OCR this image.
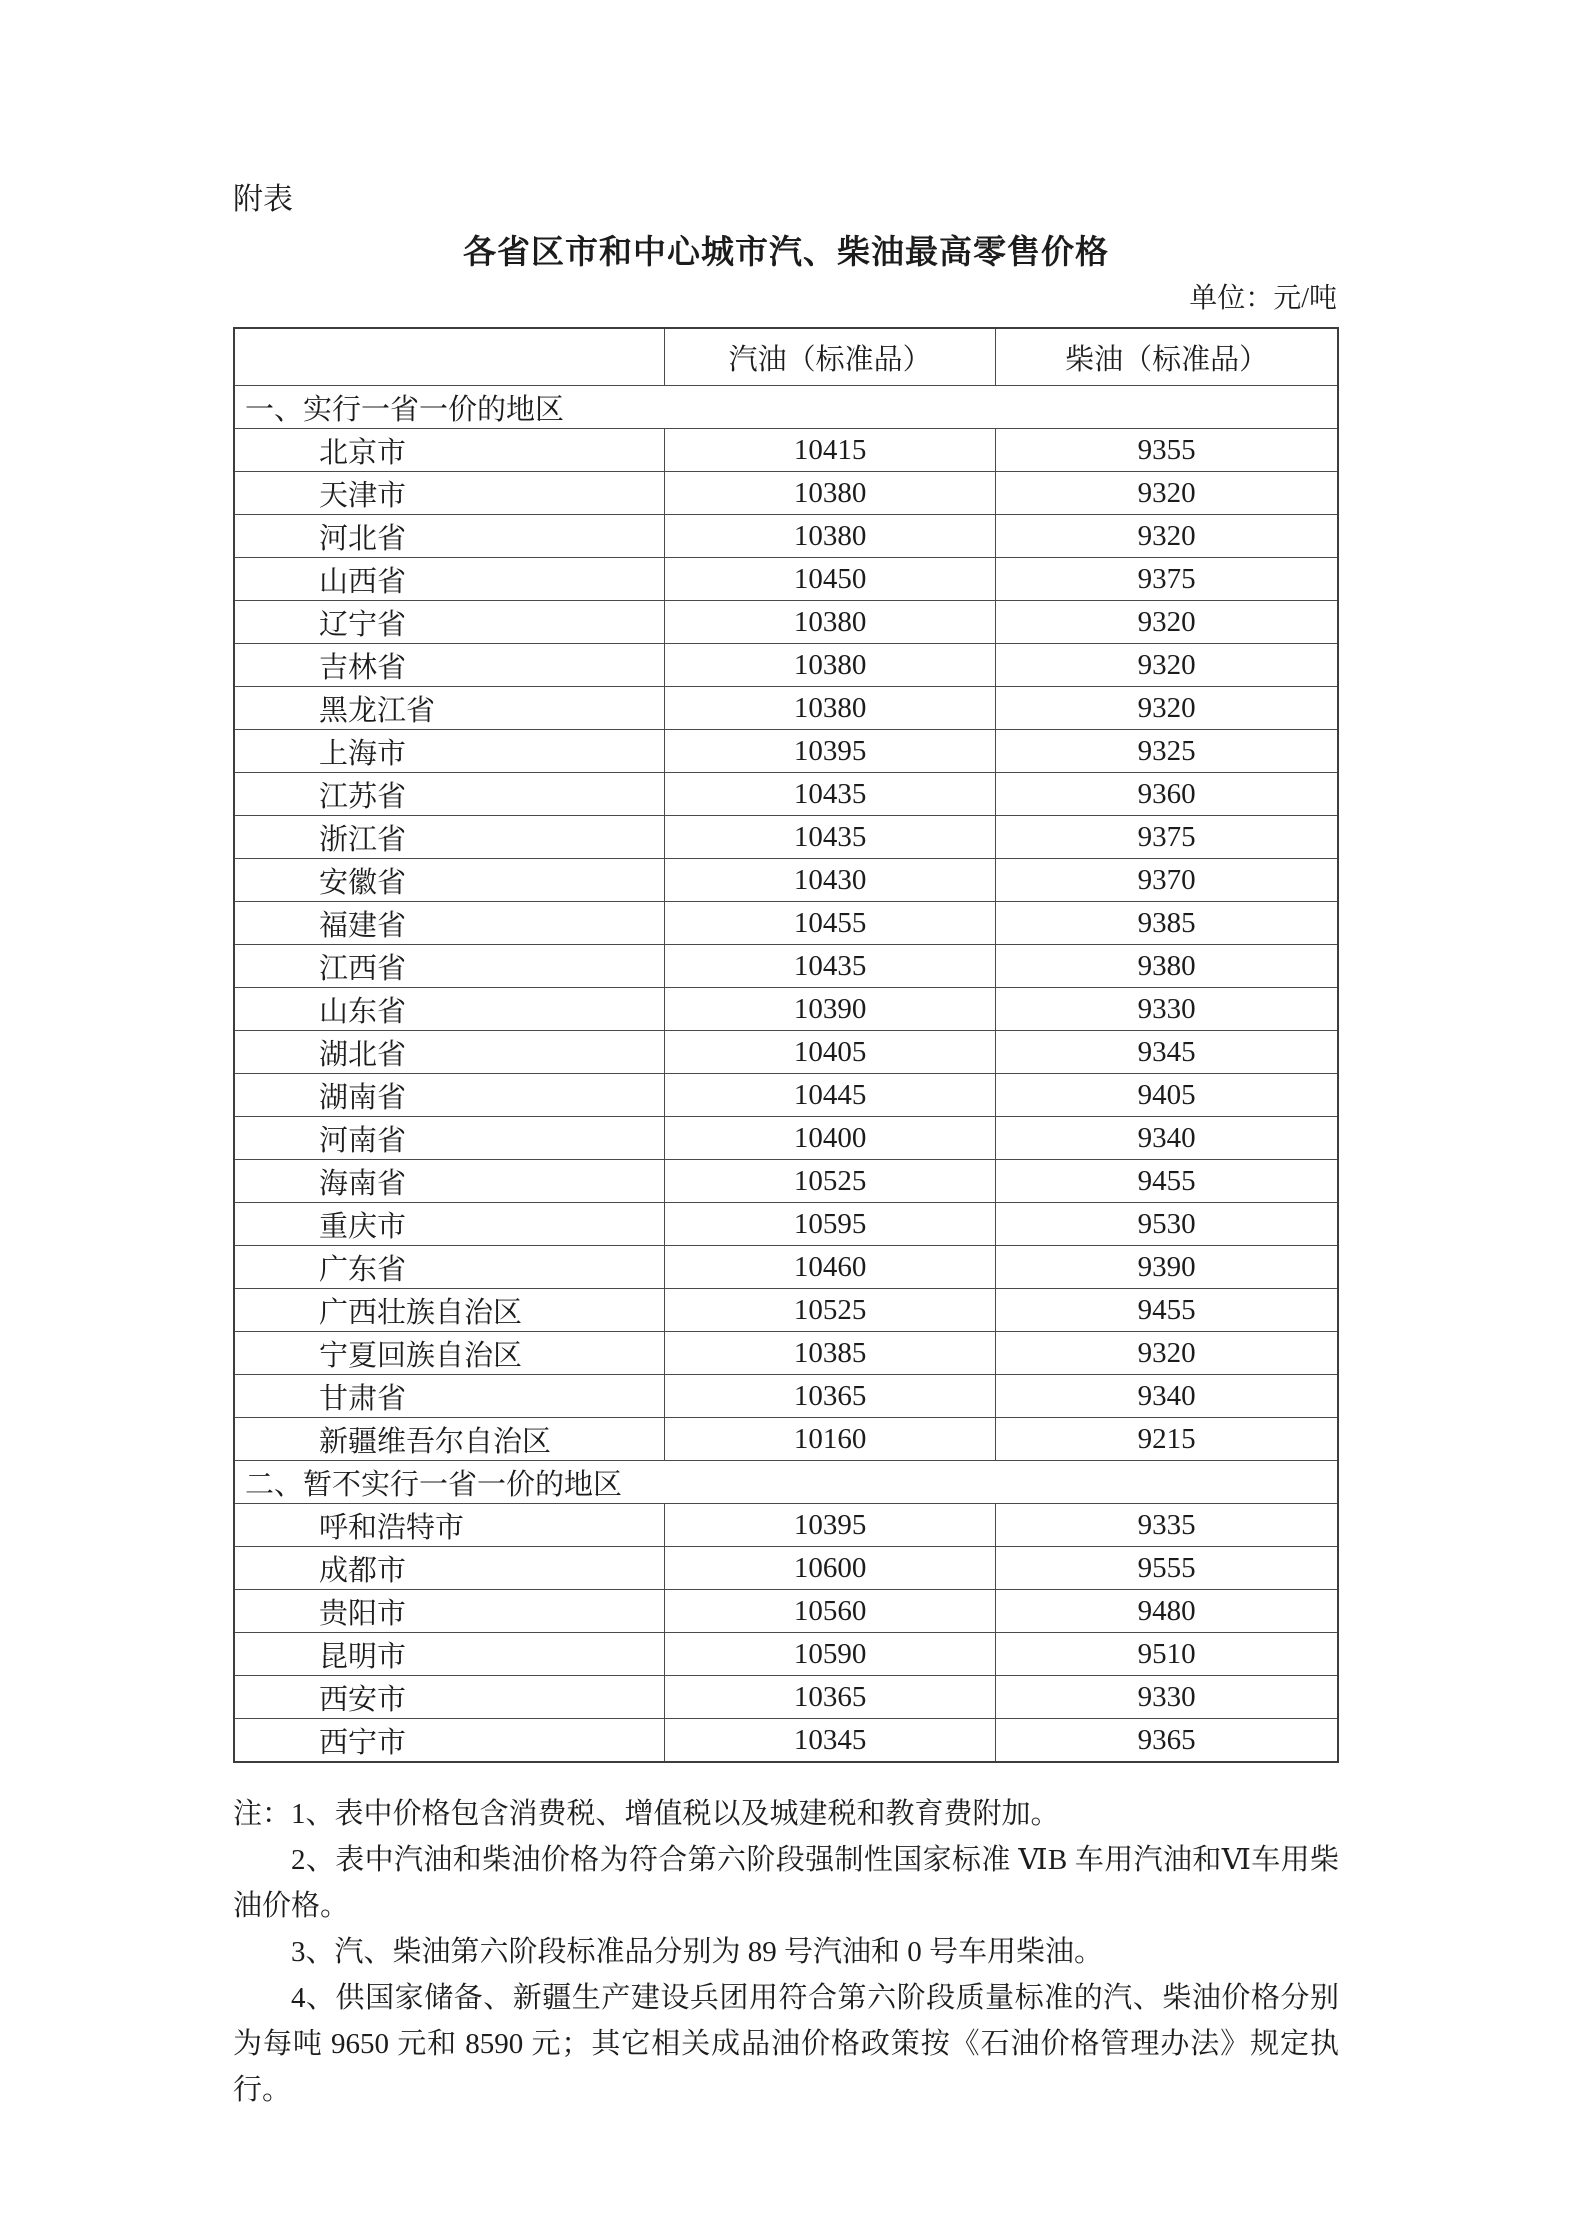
附表
各省区市和中心城市汽、柴油最高零售价格
单位：元/吨
	汽油（标准品）	柴油（标准品）
一、实行一省一价的地区		
北京市	10415	9355
天津市	10380	9320
河北省	10380	9320
山西省	10450	9375
辽宁省	10380	9320
吉林省	10380	9320
黑龙江省	10380	9320
上海市	10395	9325
江苏省	10435	9360
浙江省	10435	9375
安徽省	10430	9370
福建省	10455	9385
江西省	10435	9380
山东省	10390	9330
湖北省	10405	9345
湖南省	10445	9405
河南省	10400	9340
海南省	10525	9455
重庆市	10595	9530
广东省	10460	9390
广西壮族自治区	10525	9455
宁夏回族自治区	10385	9320
甘肃省	10365	9340
新疆维吾尔自治区	10160	9215
二、暂不实行一省一价的地区		
呼和浩特市	10395	9335
成都市	10600	9555
贵阳市	10560	9480
昆明市	10590	9510
西安市	10365	9330
西宁市	10345	9365

注：1、表中价格包含消费税、增值税以及城建税和教育费附加。

2、表中汽油和柴油价格为符合第六阶段强制性国家标准 ⅥB 车用汽油和Ⅵ车用柴油价格。

3、汽、柴油第六阶段标准品分别为 89 号汽油和 0 号车用柴油。

4、供国家储备、新疆生产建设兵团用符合第六阶段质量标准的汽、柴油价格分别为每吨 9650 元和 8590 元；其它相关成品油价格政策按《石油价格管理办法》规定执行。
